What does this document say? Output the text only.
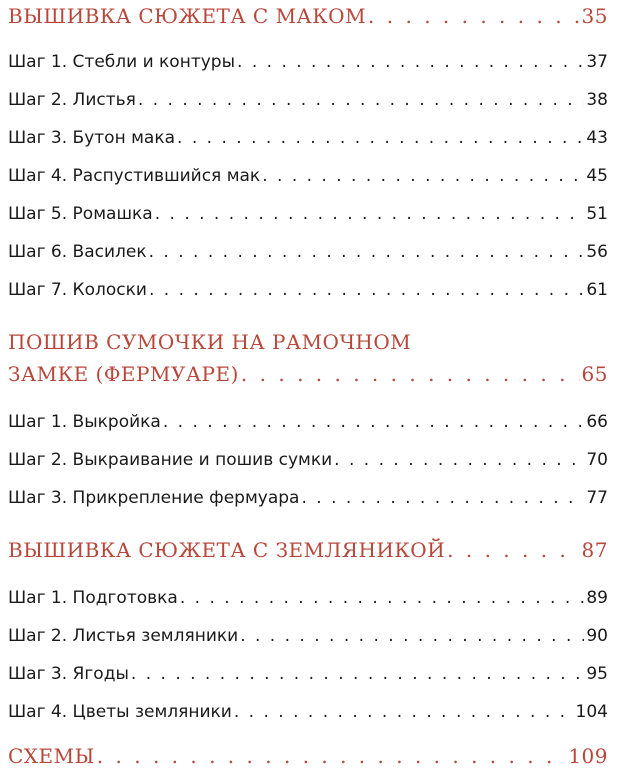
ВЫШИВКА СЮЖЕТА С МАКОМ . . .	35
Шаг 1. Стебли и контуры . . .	37
Шаг 2. Листья . . .	38
Шаг 3. Бутон мака . . .	43
Шаг 4. Распустившийся мак . . .	45
Шаг 5. Ромашка . . .	51
Шаг 6. Василек . . .	56
Шаг 7. Колоски . . .	61
ПОШИВ СУМОЧКИ НА РАМОЧНОМ
ЗАМКЕ (ФЕРМУАРЕ) . . .	65
Шаг 1. Выкройка . . .	66
Шаг 2. Выкраивание и пошив сумки . . .	70
Шаг 3. Прикрепление фермуара . . .	77
ВЫШИВКА СЮЖЕТА С ЗЕМЛЯНИКОЙ . . .	87
Шаг 1. Подготовка . . .	89
Шаг 2. Листья земляники . . .	90
Шаг 3. Ягоды . . .	95
Шаг 4. Цветы земляники . . .	104
СХЕМЫ . . .	109
